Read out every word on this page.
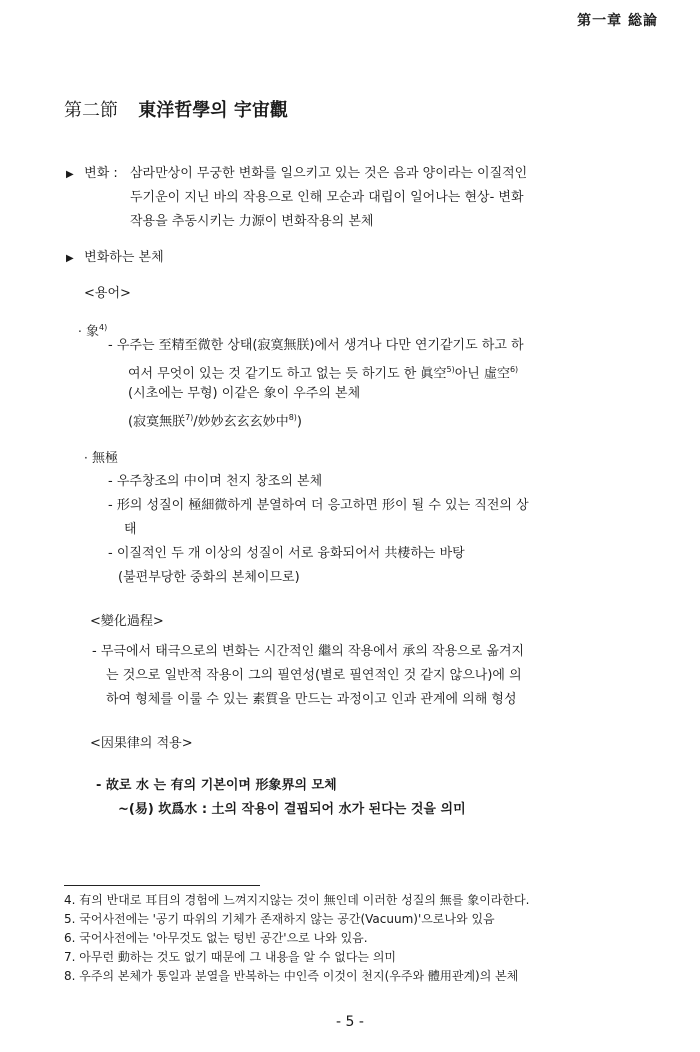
第一章 総論
第二節 東洋哲學의 宇宙觀
▶ 변화 : 삼라만상이 무궁한 변화를 일으키고 있는 것은 음과 양이라는 이질적인
두기운이 지닌 바의 작용으로 인해 모순과 대립이 일어나는 현상- 변화
작용을 추동시키는 力源이 변화작용의 본체
▶ 변화하는 본체
<용어>
· 象$^{4)}$
- 우주는 至精至微한 상태(寂寞無朕)에서 생겨나 다만 연기같기도 하고 하
여서 무엇이 있는 것 같기도 하고 없는 듯 하기도 한 眞空$^{5)}$아닌 虛空$^{6)}$
(시초에는 무형) 이같은 象이 우주의 본체
(寂寞無朕$^{7)}$/妙妙玄玄玄妙中$^{8)}$)
· 無極
- 우주창조의 中이며 천지 창조의 본체
- 形의 성질이 極細微하게 분열하여 더 응고하면 形이 될 수 있는 직전의 상
태
- 이질적인 두 개 이상의 성질이 서로 융화되어서 共棲하는 바탕
(불편부당한 중화의 본체이므로)
<變化過程>
- 무극에서 태극으로의 변화는 시간적인 繼의 작용에서 承의 작용으로 옮겨지
는 것으로 일반적 작용이 그의 필연성(별로 필연적인 것 같지 않으나)에 의
하여 형체를 이룰 수 있는 素質을 만드는 과정이고 인과 관계에 의해 형성
<因果律의 적용>
- 故로 水 는 有의 기본이며 形象界의 모체
~(易) 坎爲水 : 土의 작용이 결핍되어 水가 된다는 것을 의미
4. 有의 반대로 耳目의 경험에 느껴지지않는 것이 無인데 이러한 성질의 無를 象이라한다.
5. 국어사전에는 '공기 따위의 기체가 존재하지 않는 공간(Vacuum)'으로나와 있음
6. 국어사전에는 '아무것도 없는 텅빈 공간'으로 나와 있음.
7. 아무런 動하는 것도 없기 때문에 그 내용을 알 수 없다는 의미
8. 우주의 본체가 통일과 분열을 반복하는 中인즉 이것이 천지(우주와 體用관계)의 본체
- 5 -
